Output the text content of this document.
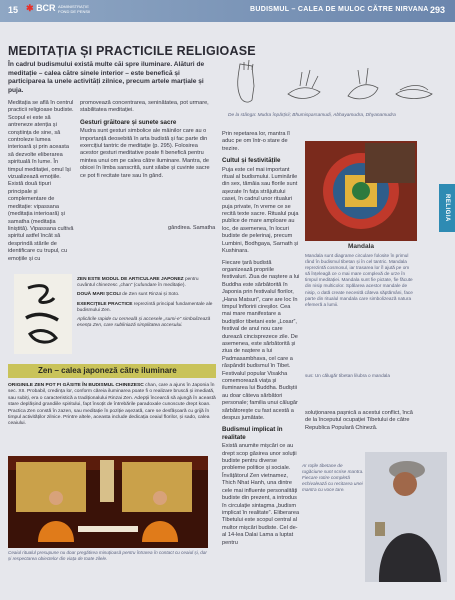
15 ✱ BCR ADMINISTRAȚIE FOND DE PENSII	BUDISMUL – CALEA DE MULOC CĂTRE NIRVANA 293
RELIGIA
MEDITAȚIA ȘI PRACTICILE RELIGIOASE
În cadrul budismului există multe căi spre iluminare. Alături de meditație – calea către sinele interior – este benefică și participarea la unele activități zilnice, precum artele marțiale și puja.
De la stânga: Mudra înpărțirii; Bhumisparsamudi, Abhayamudra, Dhyanamudra

Meditația se află în centrul practicii religioase budiste. Scopul ei este să antreneze atenția și conștiința de sine, să controleze lumea interioară și prin aceasta să dezvolte eliberarea spirituală în lume. În timpul meditației, omul își vizualizează emoțiile. Există două tipuri principale și complementare de meditație: vipassana (meditația interioară) și samatha (meditația liniștită). Vipassana cultivă spiritul astfel încât să desprindă stările de identificare cu trupul, cu emoțiile și cu

gândirea. Samatha

promovează concentrarea, seninătatea, pot urmare, stabilitatea meditației.

Gesturi grăitoare și sunete sacre

Mudra sunt gesturi simbolice ale mâinilor care au o importanță deosebită în arta budistă și fac parte din exercițiul tantric de meditație (p. 295). Folosirea acestor gesturi meditative poate fi benefică pentru mintea unui om pe calea către iluminare. Mantra, de obicei în limba sanscrită, sunt silabe și cuvinte sacre ce pot fi recitate tare sau în gând.

ZEN ESTE MODUL DE ARTICULARE JAPONEZ pentru cuvântul chinezesc „chan” (cufundare în meditație).
DOUĂ MARI ȘCOLI de Zen sunt Rinzai și Soto.
EXERCIȚIILE PRACTICE reprezintă principal fundamentale ale budismului Zen.
Aplicările rapide cu cerneală și accesele „sumi-e” simbolizează esența Zen, care subliniază simplitatea accesului.
Zen – calea japoneză către iluminare
ORIGINILE ZEN POT FI GĂSITE ÎN BUDISMUL CHINEZESC chan, care a ajuns în Japonia în sec. XII. Probabil, credința lor, conform căreia iluminarea poate fi o realizare bruscă și imediată, sau subiți, era o caracteristică a tradiționalului Rinzai Zen. Adepții încearcă să ajungă în această stare deplășind grandiile spiritului, fapt însoțit de întrebările paradoxale cunoscute drept koan. Practica Zen constă în zazen, sau meditație în poziție așezată, care se desfășoară cu grijă în timpul activităților zilnice. Printre altele, aceasta include dedicația ceaiul florilor, și sado, calea ceaiului.
Ceaiul ritualul presupune nu doar pregătirea minuțioasă pentru întrarea în contact cu ceaiul și, dar și respectarea obiectelor din viața de toate zilele.

Prin repetarea lor, mantra îl aduc pe om într-o stare de trezire.

Cultul și festivitățile

Puja este cel mai important ritual al budismului. Luminările din sex, tămâia sau florile sunt așezate în fața străjuitului casei, în cadrul unor ritualuri puja private, în vreme ce se recită texte sacre. Ritualul puja publice de mare amploare au loc, de asemenea, în locuri budiste de pelerinaj, precum Lumbini, Bodhgaya, Sarnath și Kushinara.

Fiecare țară budistă organizează propriile festivaluri. Ziua de naștere a lui Buddha este sărbătorită în Japonia prin festivalul florilor, „Hana Matsuri”, care are loc în timpul înfloririi cireșilor. Cea mai mare manifestare a budiștilor tibetani este „Losar”, festival de anul nou care durează cincisprezece zile. De asemenea, este sărbătorită și ziua de naștere a lui Padmasambhava, cel care a răspândit budismul în Tibet. Festivalul popular Visakha comemorează viața și iluminarea lui Buddha. Budiștii au doar câteva sărbători personale; familia unui călugăr sărbătorește cu fast acestă a despus jumătate.

Budismul implicat în realitate

Există anumite mișcări ce au drept scop găsirea unor soluții budiste pentru diverse probleme politice și sociale. Învățătorul Zen vietnamez, Thich Nhat Hanh, una dintre cele mai influente personalități budiste din prezent, a introdus în circulație sintagma „budism implicat în realitate”. Eliberarea Tibetului este scopul central al multor mișcări budiste. Cel de-al 14-lea Dalai Lama a luptat pentru

soluționarea pașnică a acestui conflict, încă de la începutul ocupației Tibetului de către Republica Populară Chineză.

Mandala
Mandala sunt diagrame circulare folosite în primul rând în budismul tibetan și în cel tantric. Mandala reprezintă cosmosul, iar trasarea lor îl ajută pe om să înțeleagă ce o mai mare complexă de urze în timpul meditației. Mandala sunt fie pictate, fie făcute din nisip multicolor. Spălarea acestor mandale de nisip, o dată create necesită câteva săptămâni, face parte din ritualul mandala care simbolizează natura efemeră a lumii.
sus: Un călugăr tibetan lilubra o mandala
Ar roțile tibetane de rugăciune sunt scrise mantra. Fiecare rotire completă echivalează cu recitarea unei mantra cu voce tare.
